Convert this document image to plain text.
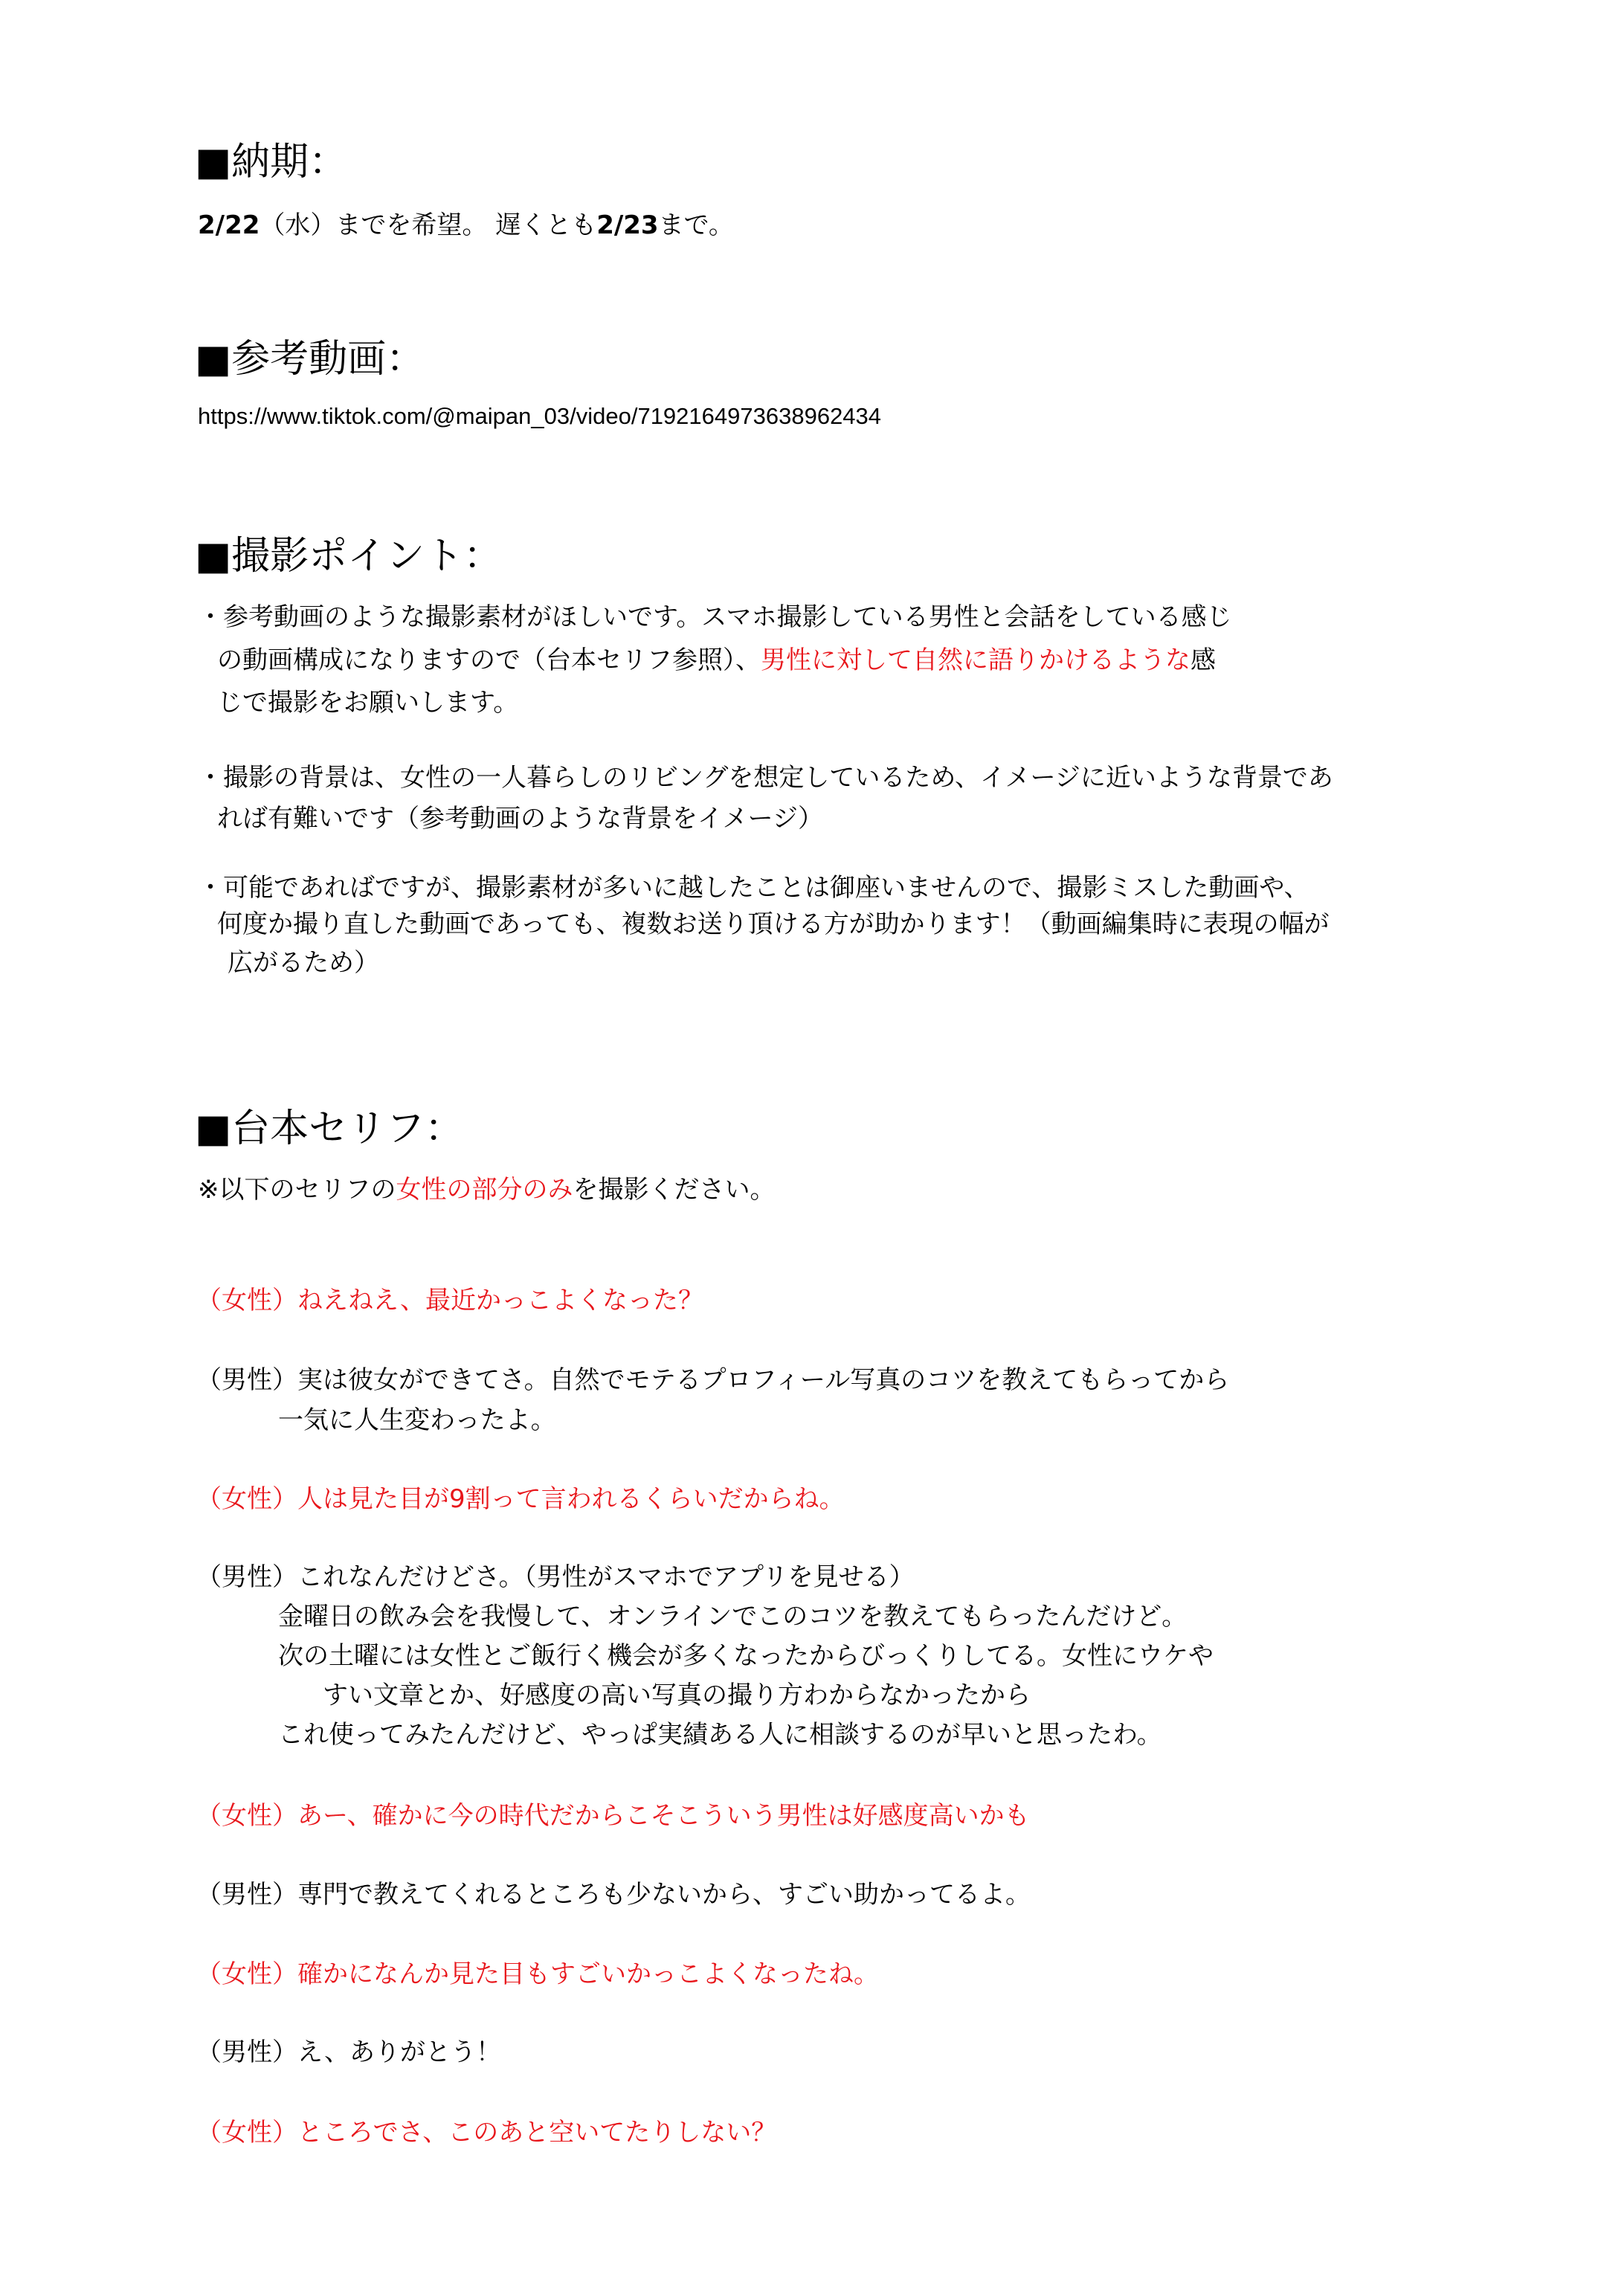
■納期：
2/22（水）までを希望。 遅くとも2/23まで。
■参考動画：
https://www.tiktok.com/@maipan_03/video/7192164973638962434
■撮影ポイント：
・参考動画のような撮影素材がほしいです。スマホ撮影している男性と会話をしている感じ
の動画構成になりますので（台本セリフ参照）、男性に対して自然に語りかけるような感
じで撮影をお願いします。
・撮影の背景は、女性の一人暮らしのリビングを想定しているため、イメージに近いような背景であ
れば有難いです（参考動画のような背景をイメージ）
・可能であればですが、撮影素材が多いに越したことは御座いませんので、撮影ミスした動画や、
何度か撮り直した動画であっても、複数お送り頂ける方が助かります！（動画編集時に表現の幅が
広がるため）
■台本セリフ：
※以下のセリフの女性の部分のみを撮影ください。
（女性）ねえねえ、最近かっこよくなった？
（男性）実は彼女ができてさ。自然でモテるプロフィール写真のコツを教えてもらってから
一気に人生変わったよ。
（女性）人は見た目が9割って言われるくらいだからね。
（男性）これなんだけどさ。（男性がスマホでアプリを見せる）
金曜日の飲み会を我慢して、オンラインでこのコツを教えてもらったんだけど。
次の土曜には女性とご飯行く機会が多くなったからびっくりしてる。女性にウケや
すい文章とか、好感度の高い写真の撮り方わからなかったから
これ使ってみたんだけど、やっぱ実績ある人に相談するのが早いと思ったわ。
（女性）あー、確かに今の時代だからこそこういう男性は好感度高いかも
（男性）専門で教えてくれるところも少ないから、すごい助かってるよ。
（女性）確かになんか見た目もすごいかっこよくなったね。
（男性）え、ありがとう！
（女性）ところでさ、このあと空いてたりしない？
